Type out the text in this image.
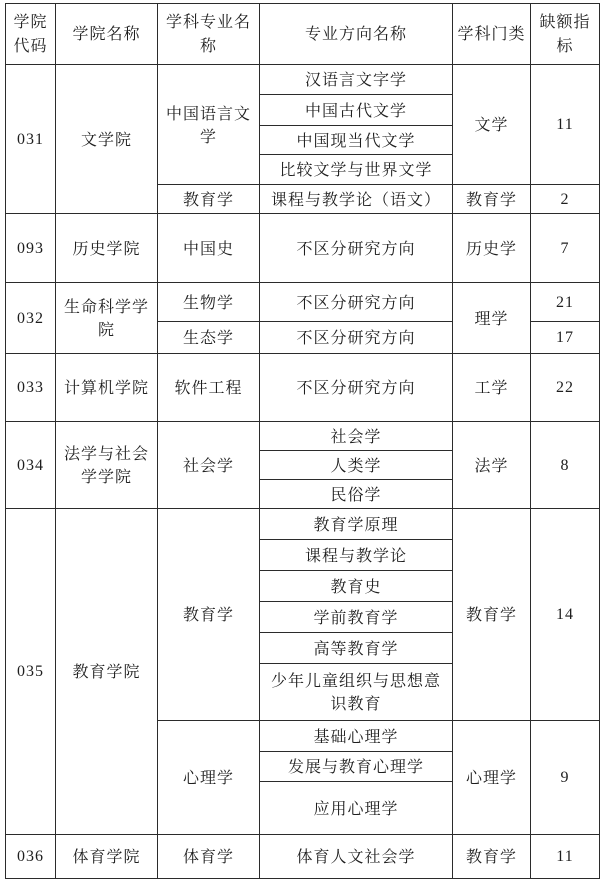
学院代码	学院名称	学科专业名称	专业方向名称	学科门类	缺额指标
031	文学院	中国语言文学	汉语言文字学	文学	11
			中国古代文学		
			中国现当代文学		
			比较文学与世界文学		
		教育学	课程与教学论（语文）	教育学	2
093	历史学院	中国史	不区分研究方向	历史学	7
032	生命科学学院	生物学	不区分研究方向	理学	21
		生态学	不区分研究方向		17
033	计算机学院	软件工程	不区分研究方向	工学	22
034	法学与社会学学院	社会学	社会学	法学	8
			人类学		
			民俗学		
035	教育学院	教育学	教育学原理	教育学	14
			课程与教学论		
			教育史		
			学前教育学		
			高等教育学		
			少年儿童组织与思想意识教育		
		心理学	基础心理学	心理学	9
			发展与教育心理学		
			应用心理学		
036	体育学院	体育学	体育人文社会学	教育学	11
